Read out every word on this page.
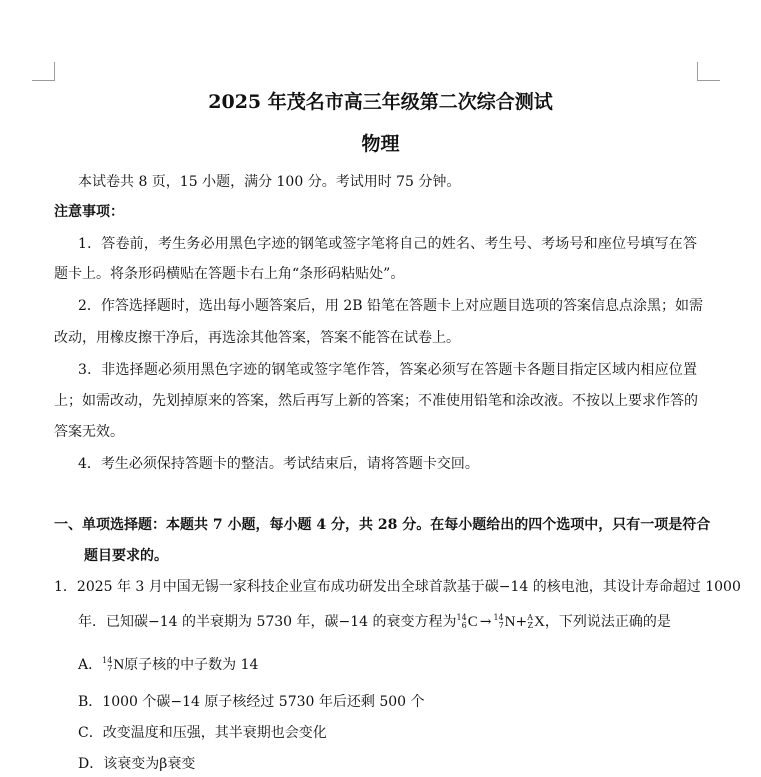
2025 年茂名市高三年级第二次综合测试
物理
本试卷共 8 页，15 小题，满分 100 分。考试用时 75 分钟。
注意事项：
1．答卷前，考生务必用黑色字迹的钢笔或签字笔将自己的姓名、考生号、考场号和座位号填写在答
题卡上。将条形码横贴在答题卡右上角“条形码粘贴处”。
2．作答选择题时，选出每小题答案后，用 2B 铅笔在答题卡上对应题目选项的答案信息点涂黑；如需
改动，用橡皮擦干净后，再选涂其他答案，答案不能答在试卷上。
3．非选择题必须用黑色字迹的钢笔或签字笔作答，答案必须写在答题卡各题目指定区域内相应位置
上；如需改动，先划掉原来的答案，然后再写上新的答案；不准使用铅笔和涂改液。不按以上要求作答的
答案无效。
4．考生必须保持答题卡的整洁。考试结束后，请将答题卡交回。
一、单项选择题：本题共 7 小题，每小题 4 分，共 28 分。在每小题给出的四个选项中，只有一项是符合
题目要求的。
1．2025 年 3 月中国无锡一家科技企业宣布成功研发出全球首款基于碳−14 的核电池，其设计寿命超过 1000
年．已知碳−14 的半衰期为 5730 年，碳−14 的衰变方程为 14
6 C → 14
7 N + A
Z X ，下列说法正确的是
A． 14
7 N 原子核的中子数为 14
B．1000 个碳−14 原子核经过 5730 年后还剩 500 个
C．改变温度和压强，其半衰期也会变化
D．该衰变为β衰变
